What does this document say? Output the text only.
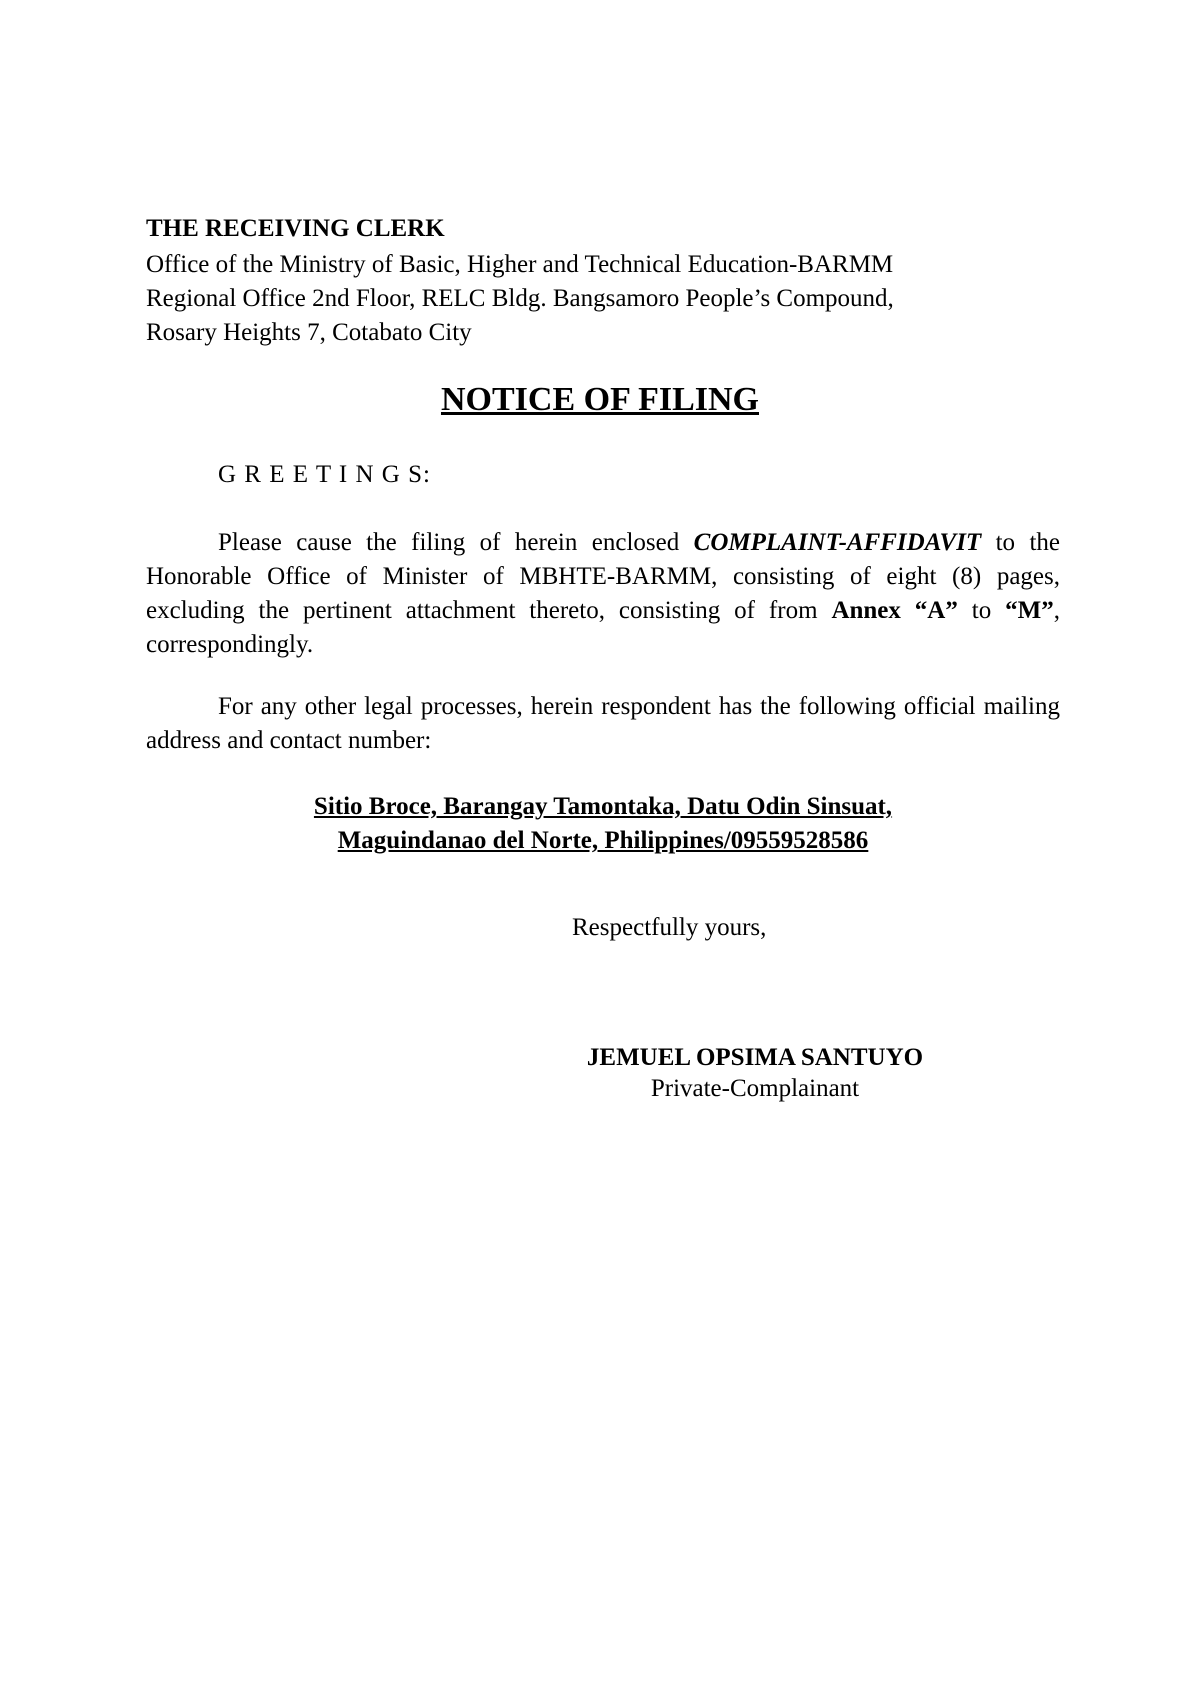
THE RECEIVING CLERK
Office of the Ministry of Basic, Higher and Technical Education-BARMM
Regional Office 2nd Floor, RELC Bldg. Bangsamoro People’s Compound,
Rosary Heights 7, Cotabato City
NOTICE OF FILING
G R E E T I N G S:
Please cause the filing of herein enclosed COMPLAINT-AFFIDAVIT to the Honorable Office of Minister of MBHTE-BARMM, consisting of eight (8) pages, excluding the pertinent attachment thereto, consisting of from Annex “A” to “M”, correspondingly.
For any other legal processes, herein respondent has the following official mailing address and contact number:
Sitio Broce, Barangay Tamontaka, Datu Odin Sinsuat,
Maguindanao del Norte, Philippines/09559528586
Respectfully yours,
JEMUEL OPSIMA SANTUYO
Private-Complainant
